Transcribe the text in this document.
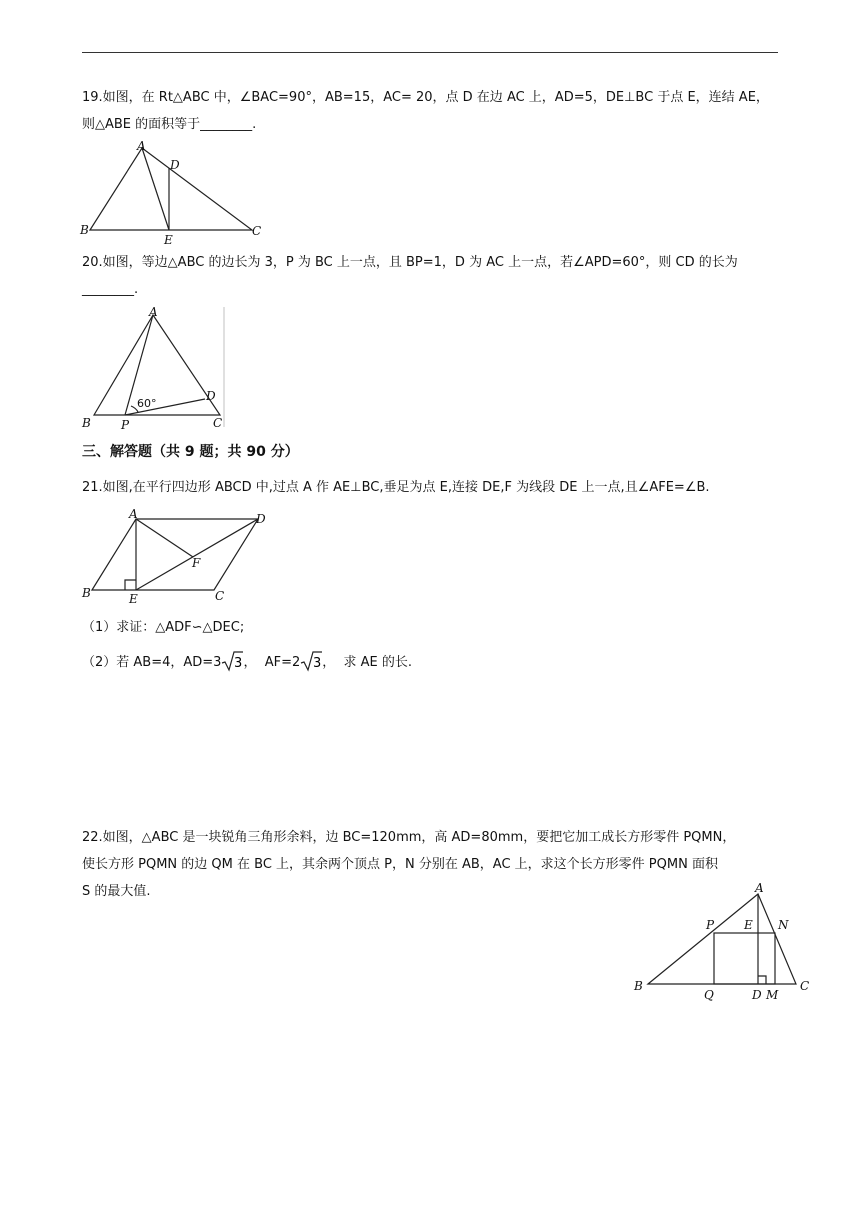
19.如图，在 Rt△ABC 中，∠BAC=90°，AB=15，AC= 20，点 D 在边 AC 上，AD=5，DE⊥BC 于点 E，连结 AE，
则△ABE 的面积等于________.
A
D
B
E
C
20.如图，等边△ABC 的边长为 3，P 为 BC 上一点，且 BP=1，D 为 AC 上一点，若∠APD=60°，则 CD 的长为
________.
60°
A
D
B	P	C
三、解答题（共 9 题；共 90 分）
21.如图,在平行四边形 ABCD 中,过点 A 作 AE⊥BC,垂足为点 E,连接 DE,F 为线段 DE 上一点,且∠AFE=∠B.
A	D
F
B	E	C
（1）求证：△ADF∽△DEC;
（2）若 AB=4，AD=3 3 ，  AF=2 3 ，  求 AE 的长.
22.如图，△ABC 是一块锐角三角形余料，边 BC=120mm，高 AD=80mm，要把它加工成长方形零件 PQMN，
使长方形 PQMN 的边 QM 在 BC 上，其余两个顶点 P，N 分别在 AB，AC 上，求这个长方形零件 PQMN 面积
S 的最大值.	A
P E N
B
Q	D M
C
